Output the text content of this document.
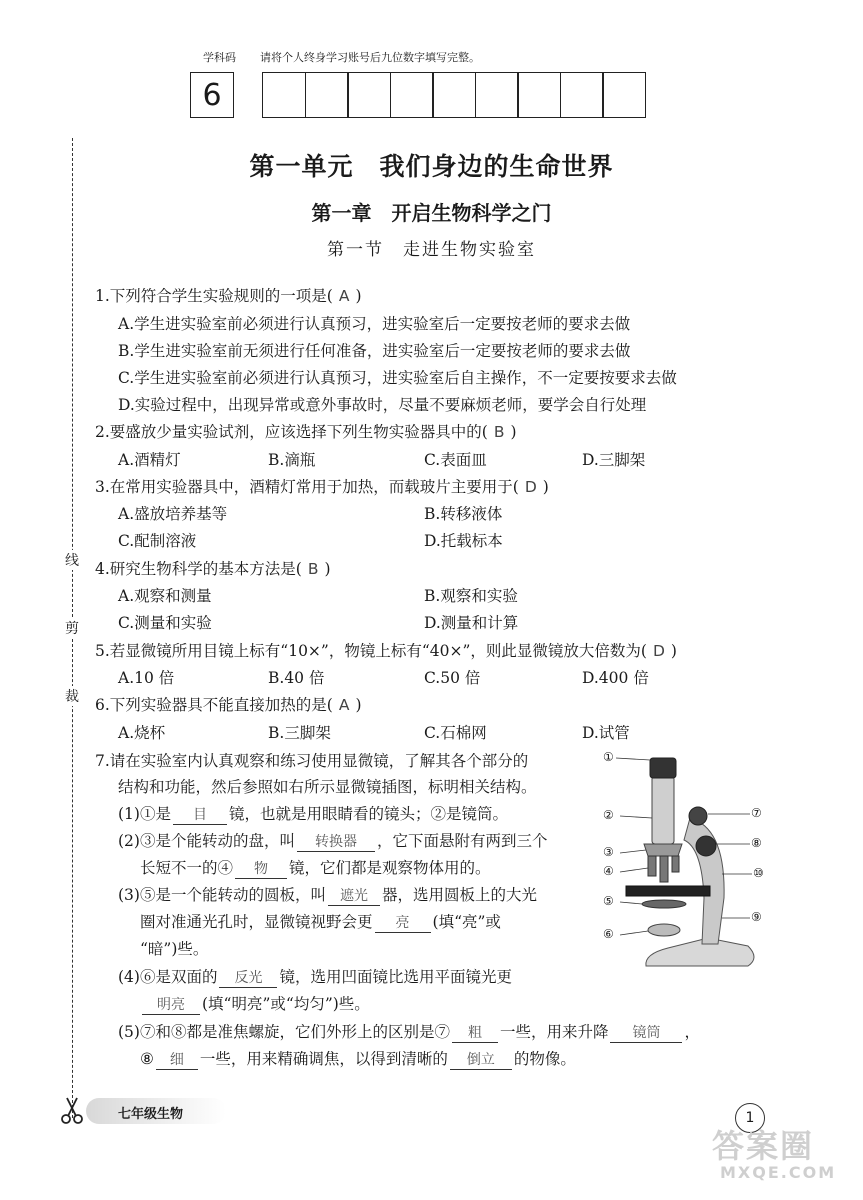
学科码 请将个人终身学习账号后九位数字填写完整。
6
线
剪
裁
第一单元　我们身边的生命世界
第一章　开启生物科学之门
第一节　走进生物实验室
1.下列符合学生实验规则的一项是( A )
A.学生进实验室前必须进行认真预习，进实验室后一定要按老师的要求去做
B.学生进实验室前无须进行任何准备，进实验室后一定要按老师的要求去做
C.学生进实验室前必须进行认真预习，进实验室后自主操作，不一定要按要求去做
D.实验过程中，出现异常或意外事故时，尽量不要麻烦老师，要学会自行处理
2.要盛放少量实验试剂，应该选择下列生物实验器具中的( B )
A.酒精灯	B.滴瓶	C.表面皿	D.三脚架
3.在常用实验器具中，酒精灯常用于加热，而载玻片主要用于( D )
A.盛放培养基等	B.转移液体
C.配制溶液	D.托载标本
4.研究生物科学的基本方法是( B )
A.观察和测量	B.观察和实验
C.测量和实验	D.测量和计算
5.若显微镜所用目镜上标有“10×”，物镜上标有“40×”，则此显微镜放大倍数为( D )
A.10 倍	B.40 倍	C.50 倍	D.400 倍
6.下列实验器具不能直接加热的是( A )
A.烧杯	B.三脚架	C.石棉网	D.试管
7.请在实验室内认真观察和练习使用显微镜，了解其各个部分的
结构和功能，然后参照如右所示显微镜插图，标明相关结构。
(1)①是 目 镜，也就是用眼睛看的镜头；②是镜筒。
(2)③是个能转动的盘，叫 转换器 ，它下面悬附有两到三个
长短不一的④ 物 镜，它们都是观察物体用的。
(3)⑤是一个能转动的圆板，叫 遮光 器，选用圆板上的大光
圈对准通光孔时，显微镜视野会更 亮 (填“亮”或
“暗”)些。
(4)⑥是双面的 反光 镜，选用凹面镜比选用平面镜光更
明亮 (填“明亮”或“均匀”)些。
(5)⑦和⑧都是准焦螺旋，它们外形上的区别是⑦ 粗 一些，用来升降 镜筒 ，
⑧ 细 一些，用来精确调焦，以得到清晰的 倒立 的物像。
①
②
③
④
⑤
⑥
⑦
⑧
⑩
⑨
七年级生物	1
答案圈
MXQE.COM
